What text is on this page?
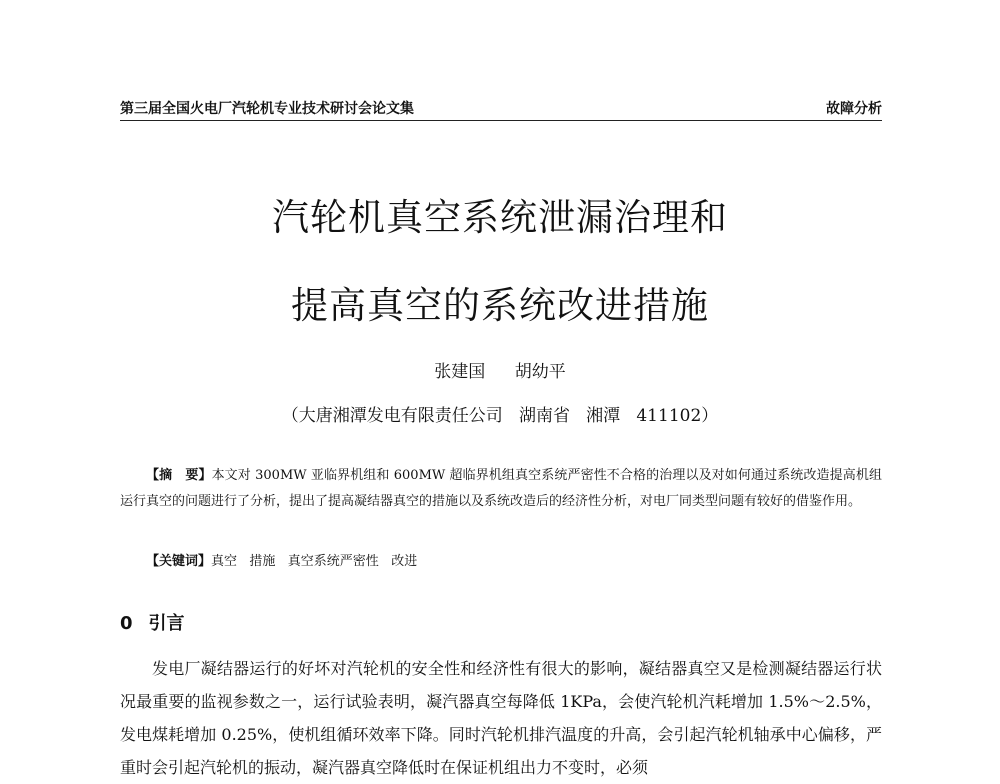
第三届全国火电厂汽轮机专业技术研讨会论文集	故障分析
汽轮机真空系统泄漏治理和
提高真空的系统改进措施
张建国 胡幼平
（大唐湘潭发电有限责任公司   湖南省   湘潭   411102）
【摘　要】本文对 300MW 亚临界机组和 600MW 超临界机组真空系统严密性不合格的治理以及对如何通过系统改造提高机组运行真空的问题进行了分析，提出了提高凝结器真空的措施以及系统改造后的经济性分析，对电厂同类型问题有较好的借鉴作用。
【关键词】真空   措施   真空系统严密性   改进
0 引言
发电厂凝结器运行的好坏对汽轮机的安全性和经济性有很大的影响，凝结器真空又是检测凝结器运行状况最重要的监视参数之一，运行试验表明，凝汽器真空每降低 1KPa，会使汽轮机汽耗增加 1.5%～2.5%，发电煤耗增加 0.25%，使机组循环效率下降。同时汽轮机排汽温度的升高，会引起汽轮机轴承中心偏移，严重时会引起汽轮机的振动，凝汽器真空降低时在保证机组出力不变时，必须
